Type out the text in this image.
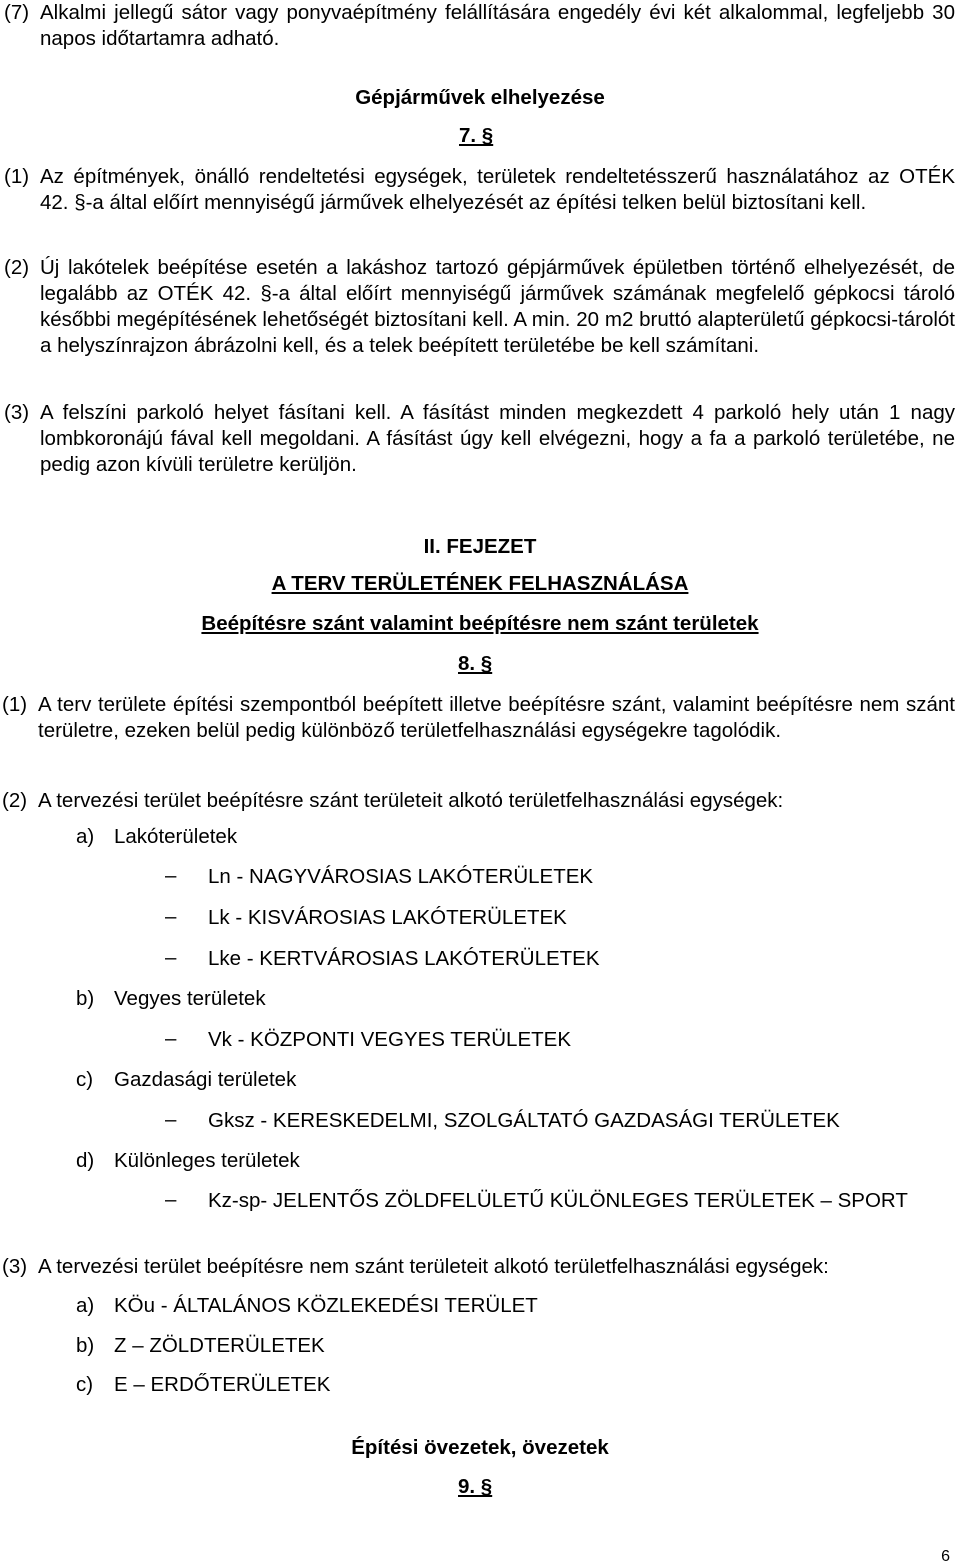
(7) Alkalmi jellegű sátor vagy ponyvaépítmény felállítására engedély évi két alkalommal, legfeljebb 30 napos időtartamra adható.
Gépjárművek elhelyezése
7. §
(1) Az építmények, önálló rendeltetési egységek, területek rendeltetésszerű használatához az OTÉK 42. §-a által előírt mennyiségű járművek elhelyezését az építési telken belül biztosítani kell.
(2) Új lakótelek beépítése esetén a lakáshoz tartozó gépjárművek épületben történő elhelyezését, de legalább az OTÉK 42. §-a által előírt mennyiségű járművek számának megfelelő gépkocsi tároló későbbi megépítésének lehetőségét biztosítani kell. A min. 20 m2 bruttó alapterületű gépkocsi-tárolót a helyszínrajzon ábrázolni kell, és a telek beépített területébe be kell számítani.
(3) A felszíni parkoló helyet fásítani kell. A fásítást minden megkezdett 4 parkoló hely után 1 nagy lombkoronájú fával kell megoldani. A fásítást úgy kell elvégezni, hogy a fa a parkoló területébe, ne pedig azon kívüli területre kerüljön.
II. FEJEZET
A TERV TERÜLETÉNEK FELHASZNÁLÁSA
Beépítésre szánt valamint beépítésre nem szánt területek
8. §
(1) A terv területe építési szempontból beépített illetve beépítésre szánt, valamint beépítésre nem szánt területre, ezeken belül pedig különböző területfelhasználási egységekre tagolódik.
(2) A tervezési terület beépítésre szánt területeit alkotó területfelhasználási egységek:
a) Lakóterületek
– Ln - NAGYVÁROSIAS LAKÓTERÜLETEK
– Lk - KISVÁROSIAS LAKÓTERÜLETEK
– Lke - KERTVÁROSIAS LAKÓTERÜLETEK
b) Vegyes területek
– Vk - KÖZPONTI VEGYES TERÜLETEK
c) Gazdasági területek
– Gksz - KERESKEDELMI, SZOLGÁLTATÓ GAZDASÁGI TERÜLETEK
d) Különleges területek
– Kz-sp- JELENTŐS ZÖLDFELÜLETŰ KÜLÖNLEGES TERÜLETEK – SPORT
(3) A tervezési terület beépítésre nem szánt területeit alkotó területfelhasználási egységek:
a) KÖu - ÁLTALÁNOS KÖZLEKEDÉSI TERÜLET
b) Z – ZÖLDTERÜLETEK
c) E – ERDŐTERÜLETEK
Építési övezetek, övezetek
9. §
6
